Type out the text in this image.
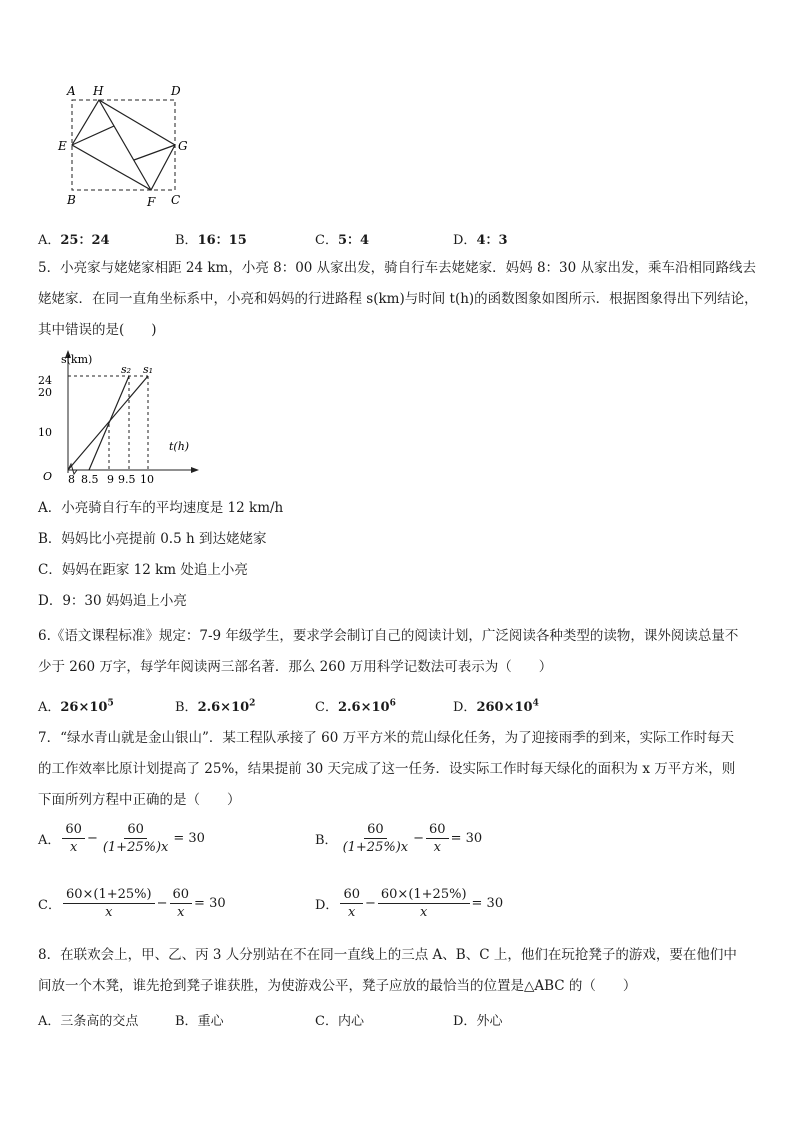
A H	D
E	G
B	F C
A．25：24	B．16：15	C．5：4	D．4：3
5．小亮家与姥姥家相距 24 km，小亮 8：00 从家出发，骑自行车去姥姥家．妈妈 8：30 从家出发，乘车沿相同路线去
姥姥家．在同一直角坐标系中，小亮和妈妈的行进路程 s(km)与时间 t(h)的函数图象如图所示．根据图象得出下列结论，
其中错误的是(　　)
s(km)
t(h)
O
24
20
10
8 8.5 9 9.5 10
s₂ s₁
A．小亮骑自行车的平均速度是 12 km/h
B．妈妈比小亮提前 0.5 h 到达姥姥家
C．妈妈在距家 12 km 处追上小亮
D．9：30 妈妈追上小亮
6.《语文课程标准》规定：7-9 年级学生，要求学会制订自己的阅读计划，广泛阅读各种类型的读物，课外阅读总量不
少于 260 万字，每学年阅读两三部名著．那么 260 万用科学记数法可表示为（　　）
A．$26\times 10^5$	B．$2.6\times 10^2$	C．$2.6\times 10^6$	D．$260\times 10^4$
7．“绿水青山就是金山银山”．某工程队承接了 60 万平方米的荒山绿化任务，为了迎接雨季的到来，实际工作时每天
的工作效率比原计划提高了 25%，结果提前 30 天完成了这一任务．设实际工作时每天绿化的面积为 x 万平方米，则
下面所列方程中正确的是（　　）
A． $\frac{60}{x} - \frac{60}{(1+25\%)x} = 30$	B． $\frac{60}{(1+25\%)x} - \frac{60}{x} = 30$
C． $\frac{60\times(1+25\%)}{x} - \frac{60}{x} = 30$	D． $\frac{60}{x} - \frac{60\times(1+25\%)}{x} = 30$
8．在联欢会上，甲、乙、丙 3 人分别站在不在同一直线上的三点 A、B、C 上，他们在玩抢凳子的游戏，要在他们中
间放一个木凳，谁先抢到凳子谁获胜，为使游戏公平，凳子应放的最恰当的位置是△ABC 的（　　）
A．三条高的交点	B．重心	C．内心	D．外心
